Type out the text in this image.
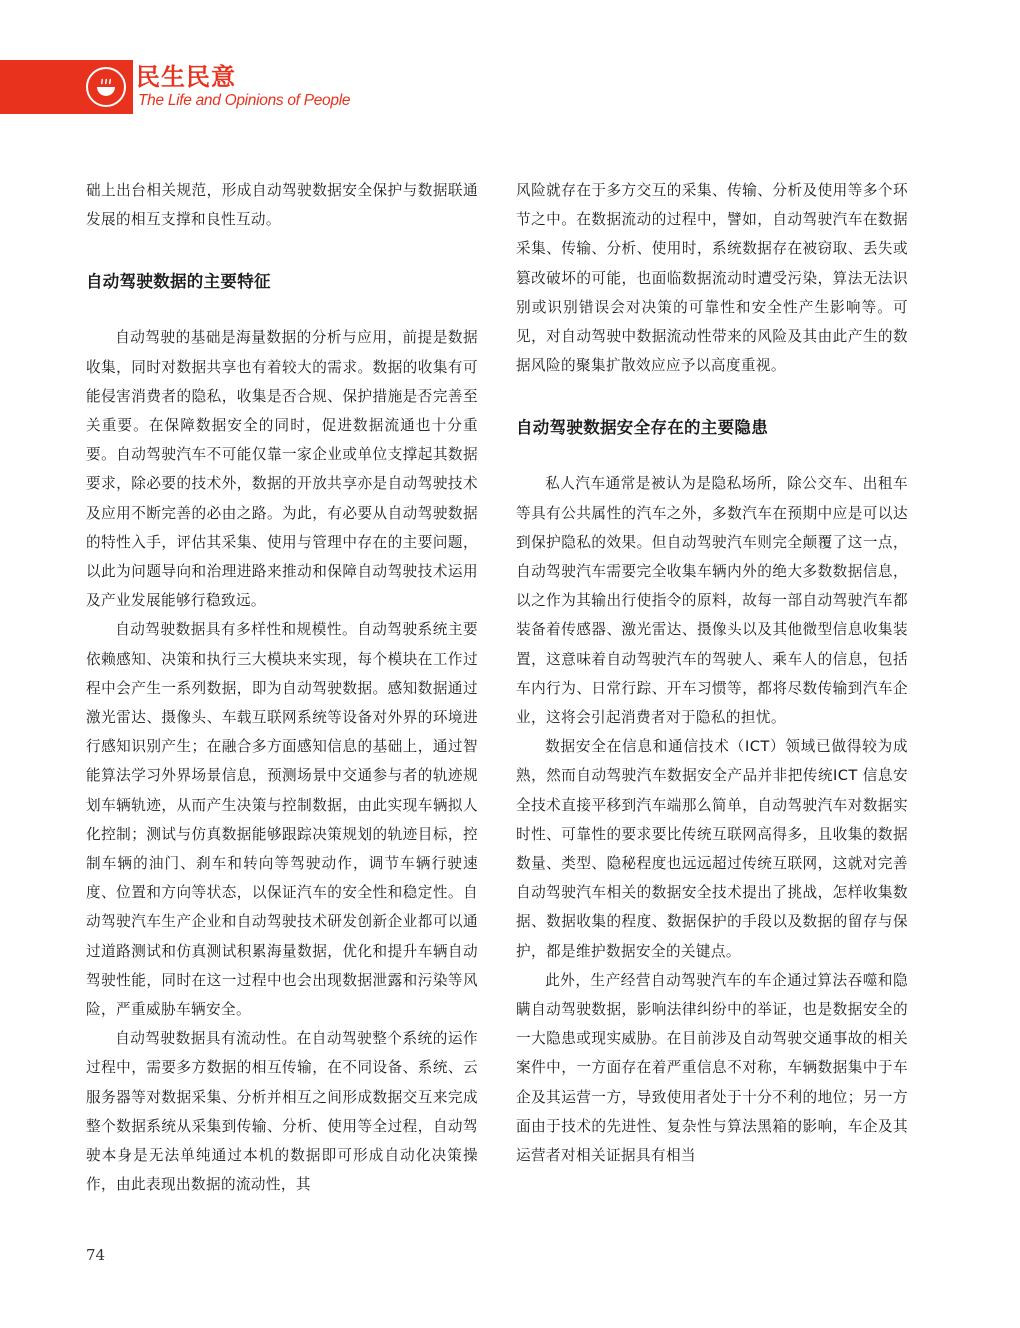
民生民意
The Life and Opinions of People

础上出台相关规范，形成自动驾驶数据安全保护与数据联通发展的相互支撑和良性互动。

自动驾驶数据的主要特征

自动驾驶的基础是海量数据的分析与应用，前提是数据收集，同时对数据共享也有着较大的需求。数据的收集有可能侵害消费者的隐私，收集是否合规、保护措施是否完善至关重要。在保障数据安全的同时，促进数据流通也十分重要。自动驾驶汽车不可能仅靠一家企业或单位支撑起其数据要求，除必要的技术外，数据的开放共享亦是自动驾驶技术及应用不断完善的必由之路。为此，有必要从自动驾驶数据的特性入手，评估其采集、使用与管理中存在的主要问题，以此为问题导向和治理进路来推动和保障自动驾驶技术运用及产业发展能够行稳致远。

自动驾驶数据具有多样性和规模性。自动驾驶系统主要依赖感知、决策和执行三大模块来实现，每个模块在工作过程中会产生一系列数据，即为自动驾驶数据。感知数据通过激光雷达、摄像头、车载互联网系统等设备对外界的环境进行感知识别产生；在融合多方面感知信息的基础上，通过智能算法学习外界场景信息，预测场景中交通参与者的轨迹规划车辆轨迹，从而产生决策与控制数据，由此实现车辆拟人化控制；测试与仿真数据能够跟踪决策规划的轨迹目标，控制车辆的油门、刹车和转向等驾驶动作，调节车辆行驶速度、位置和方向等状态，以保证汽车的安全性和稳定性。自动驾驶汽车生产企业和自动驾驶技术研发创新企业都可以通过道路测试和仿真测试积累海量数据，优化和提升车辆自动驾驶性能，同时在这一过程中也会出现数据泄露和污染等风险，严重威胁车辆安全。

自动驾驶数据具有流动性。在自动驾驶整个系统的运作过程中，需要多方数据的相互传输，在不同设备、系统、云服务器等对数据采集、分析并相互之间形成数据交互来完成整个数据系统从采集到传输、分析、使用等全过程，自动驾驶本身是无法单纯通过本机的数据即可形成自动化决策操作，由此表现出数据的流动性，其

风险就存在于多方交互的采集、传输、分析及使用等多个环节之中。在数据流动的过程中，譬如，自动驾驶汽车在数据采集、传输、分析、使用时，系统数据存在被窃取、丢失或篡改破坏的可能，也面临数据流动时遭受污染，算法无法识别或识别错误会对决策的可靠性和安全性产生影响等。可见，对自动驾驶中数据流动性带来的风险及其由此产生的数据风险的聚集扩散效应应予以高度重视。

自动驾驶数据安全存在的主要隐患

私人汽车通常是被认为是隐私场所，除公交车、出租车等具有公共属性的汽车之外，多数汽车在预期中应是可以达到保护隐私的效果。但自动驾驶汽车则完全颠覆了这一点，自动驾驶汽车需要完全收集车辆内外的绝大多数数据信息，以之作为其输出行使指令的原料，故每一部自动驾驶汽车都装备着传感器、激光雷达、摄像头以及其他微型信息收集装置，这意味着自动驾驶汽车的驾驶人、乘车人的信息，包括车内行为、日常行踪、开车习惯等，都将尽数传输到汽车企业，这将会引起消费者对于隐私的担忧。

数据安全在信息和通信技术（ICT）领域已做得较为成熟，然而自动驾驶汽车数据安全产品并非把传统ICT 信息安全技术直接平移到汽车端那么简单，自动驾驶汽车对数据实时性、可靠性的要求要比传统互联网高得多，且收集的数据数量、类型、隐秘程度也远远超过传统互联网，这就对完善自动驾驶汽车相关的数据安全技术提出了挑战，怎样收集数据、数据收集的程度、数据保护的手段以及数据的留存与保护，都是维护数据安全的关键点。

此外，生产经营自动驾驶汽车的车企通过算法吞噬和隐瞒自动驾驶数据，影响法律纠纷中的举证，也是数据安全的一大隐患或现实威胁。在目前涉及自动驾驶交通事故的相关案件中，一方面存在着严重信息不对称，车辆数据集中于车企及其运营一方，导致使用者处于十分不利的地位；另一方面由于技术的先进性、复杂性与算法黑箱的影响，车企及其运营者对相关证据具有相当

74
